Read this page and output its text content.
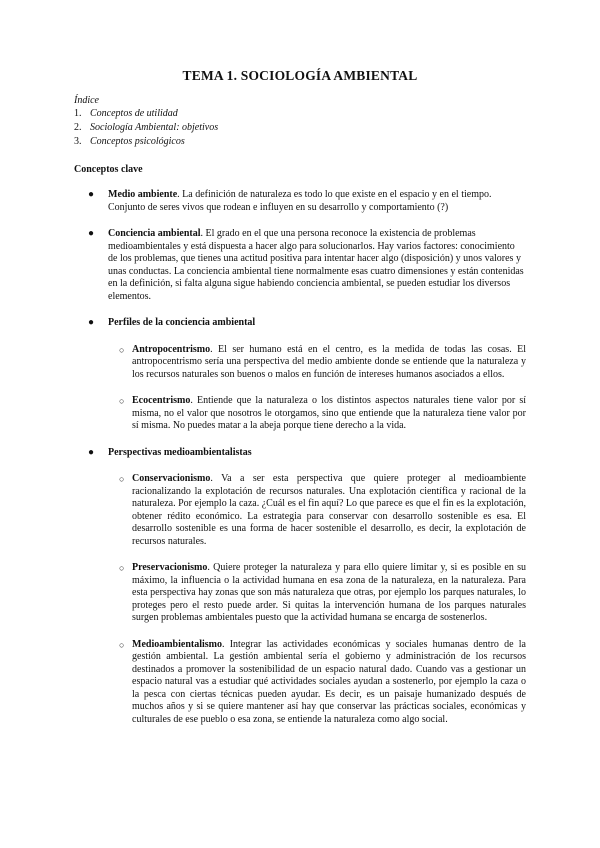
TEMA 1. SOCIOLOGÍA AMBIENTAL

Índice

1. Conceptos de utilidad
2. Sociología Ambiental: objetivos
3. Conceptos psicológicos

Conceptos clave

● Medio ambiente. La definición de naturaleza es todo lo que existe en el espacio y en el tiempo. Conjunto de seres vivos que rodean e influyen en su desarrollo y comportamiento (?)
● Conciencia ambiental. El grado en el que una persona reconoce la existencia de problemas medioambientales y está dispuesta a hacer algo para solucionarlos. Hay varios factores: conocimiento de los problemas, que tienes una actitud positiva para intentar hacer algo (disposición) y unos valores y unas conductas. La conciencia ambiental tiene normalmente esas cuatro dimensiones y están contenidas en la definición, si falta alguna sigue habiendo conciencia ambiental, se pueden estudiar los diversos elementos.
● Perfiles de la conciencia ambiental
○ Antropocentrismo. El ser humano está en el centro, es la medida de todas las cosas. El antropocentrismo sería una perspectiva del medio ambiente donde se entiende que la naturaleza y los recursos naturales son buenos o malos en función de intereses humanos asociados a ellos.
○ Ecocentrismo. Entiende que la naturaleza o los distintos aspectos naturales tiene valor por sí misma, no el valor que nosotros le otorgamos, sino que entiende que la naturaleza tiene valor por sí misma. No puedes matar a la abeja porque tiene derecho a la vida.
● Perspectivas medioambientalistas
○ Conservacionismo. Va a ser esta perspectiva que quiere proteger al medioambiente racionalizando la explotación de recursos naturales. Una explotación científica y racional de la naturaleza. Por ejemplo la caza. ¿Cuál es el fin aquí? Lo que parece es que el fin es la explotación, obtener rédito económico. La estrategia para conservar con desarrollo sostenible es esa. El desarrollo sostenible es una forma de hacer sostenible el desarrollo, es decir, la explotación de recursos naturales.
○ Preservacionismo. Quiere proteger la naturaleza y para ello quiere limitar y, si es posible en su máximo, la influencia o la actividad humana en esa zona de la naturaleza, en la naturaleza. Para esta perspectiva hay zonas que son más naturaleza que otras, por ejemplo los parques naturales, lo proteges pero el resto puede arder. Si quitas la intervención humana de los parques naturales surgen problemas ambientales puesto que la actividad humana se encarga de sostenerlos.
○ Medioambientalismo. Integrar las actividades económicas y sociales humanas dentro de la gestión ambiental. La gestión ambiental sería el gobierno y administración de los recursos destinados a promover la sostenibilidad de un espacio natural dado. Cuando vas a gestionar un espacio natural vas a estudiar qué actividades sociales ayudan a sostenerlo, por ejemplo la caza o la pesca con ciertas técnicas pueden ayudar. Es decir, es un paisaje humanizado después de muchos años y si se quiere mantener así hay que conservar las prácticas sociales, económicas y culturales de ese pueblo o esa zona, se entiende la naturaleza como algo social.
